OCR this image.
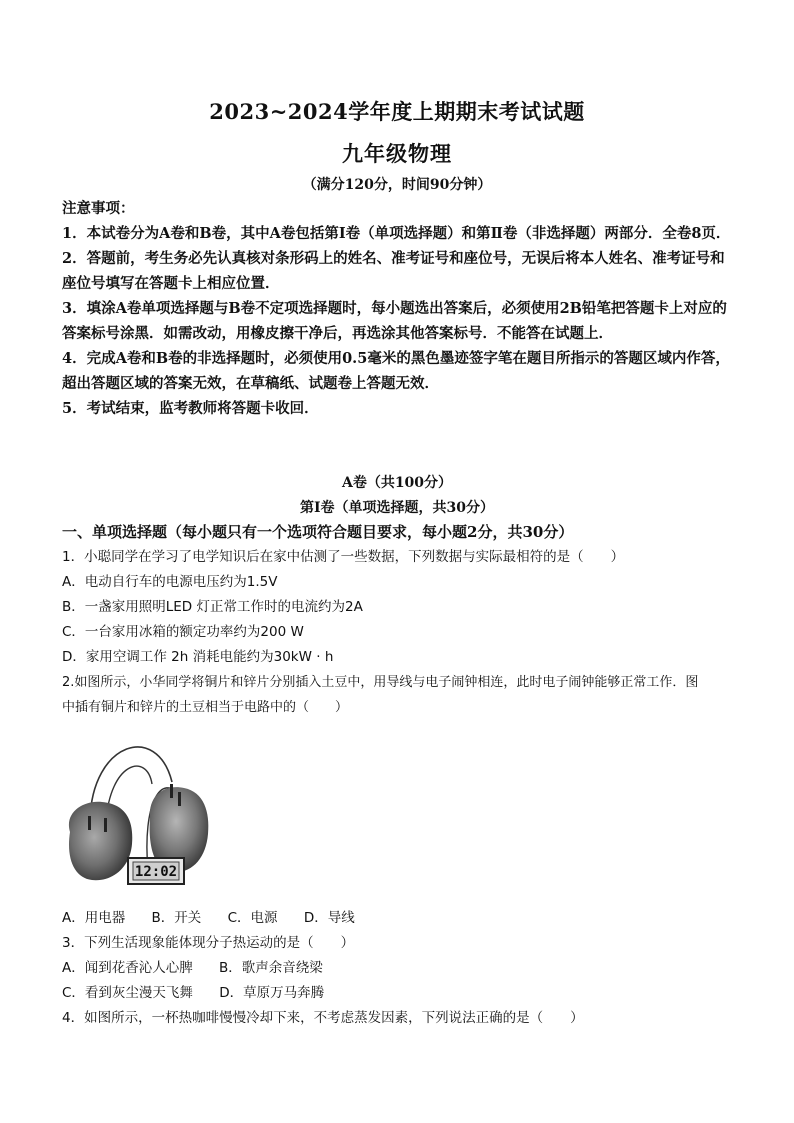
2023~2024学年度上期期末考试试题
九年级物理
（满分120分，时间90分钟）

注意事项：

1．本试卷分为A卷和B卷，其中A卷包括第Ⅰ卷（单项选择题）和第Ⅱ卷（非选择题）两部分．全卷8页．

2．答题前，考生务必先认真核对条形码上的姓名、准考证号和座位号，无误后将本人姓名、准考证号和座位号填写在答题卡上相应位置．

3．填涂A卷单项选择题与B卷不定项选择题时，每小题选出答案后，必须使用2B铅笔把答题卡上对应的答案标号涂黑．如需改动，用橡皮擦干净后，再选涂其他答案标号．不能答在试题上．

4．完成A卷和B卷的非选择题时，必须使用0.5毫米的黑色墨迹签字笔在题目所指示的答题区域内作答，超出答题区域的答案无效，在草稿纸、试题卷上答题无效．

5．考试结束，监考教师将答题卡收回．

A卷（共100分）
第Ⅰ卷（单项选择题，共30分）
一、单项选择题（每小题只有一个选项符合题目要求，每小题2分，共30分）

1．小聪同学在学习了电学知识后在家中估测了一些数据，下列数据与实际最相符的是（　　）

A．电动自行车的电源电压约为1.5V

B．一盏家用照明LED 灯正常工作时的电流约为2A

C．一台家用冰箱的额定功率约为200 W

D．家用空调工作 2h 消耗电能约为30kW · h

2.如图所示，小华同学将铜片和锌片分别插入土豆中，用导线与电子闹钟相连，此时电子闹钟能够正常工作．图

中插有铜片和锌片的土豆相当于电路中的（　　）

12:02

A．用电器 B．开关 C．电源 D．导线

3．下列生活现象能体现分子热运动的是（　　）

A．闻到花香沁人心脾 B．歌声余音绕梁

C．看到灰尘漫天飞舞 D．草原万马奔腾

4．如图所示，一杯热咖啡慢慢冷却下来，不考虑蒸发因素，下列说法正确的是（　　）
